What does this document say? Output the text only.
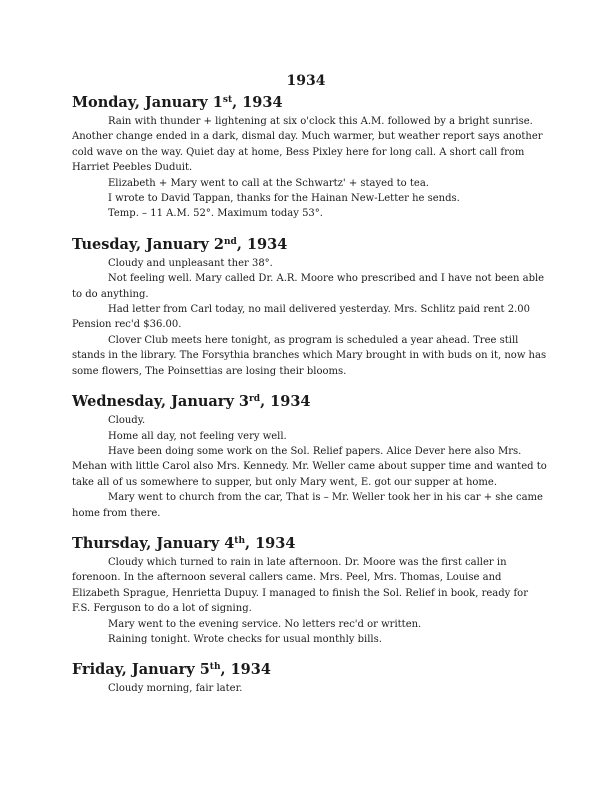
1934
Monday, January 1st, 1934

Rain with thunder + lightening at six o'clock this A.M. followed by a bright sunrise. Another change ended in a dark, dismal day. Much warmer, but weather report says another cold wave on the way. Quiet day at home, Bess Pixley here for long call. A short call from Harriet Peebles Duduit.

Elizabeth + Mary went to call at the Schwartz' + stayed to tea.

I wrote to David Tappan, thanks for the Hainan New-Letter he sends.

Temp. – 11 A.M. 52°. Maximum today 53°.

Tuesday, January 2nd, 1934

Cloudy and unpleasant ther 38°.

Not feeling well. Mary called Dr. A.R. Moore who prescribed and I have not been able to do anything.

Had letter from Carl today, no mail delivered yesterday. Mrs. Schlitz paid rent 2.00 Pension rec'd $36.00.

Clover Club meets here tonight, as program is scheduled a year ahead. Tree still stands in the library. The Forsythia branches which Mary brought in with buds on it, now has some flowers, The Poinsettias are losing their blooms.

Wednesday, January 3rd, 1934

Cloudy.

Home all day, not feeling very well.

Have been doing some work on the Sol. Relief papers. Alice Dever here also Mrs. Mehan with little Carol also Mrs. Kennedy. Mr. Weller came about supper time and wanted to take all of us somewhere to supper, but only Mary went, E. got our supper at home.

Mary went to church from the car, That is – Mr. Weller took her in his car + she came home from there.

Thursday, January 4th, 1934

Cloudy which turned to rain in late afternoon. Dr. Moore was the first caller in forenoon. In the afternoon several callers came. Mrs. Peel, Mrs. Thomas, Louise and Elizabeth Sprague, Henrietta Dupuy. I managed to finish the Sol. Relief in book, ready for F.S. Ferguson to do a lot of signing.

Mary went to the evening service. No letters rec'd or written.

Raining tonight. Wrote checks for usual monthly bills.

Friday, January 5th, 1934

Cloudy morning, fair later.
